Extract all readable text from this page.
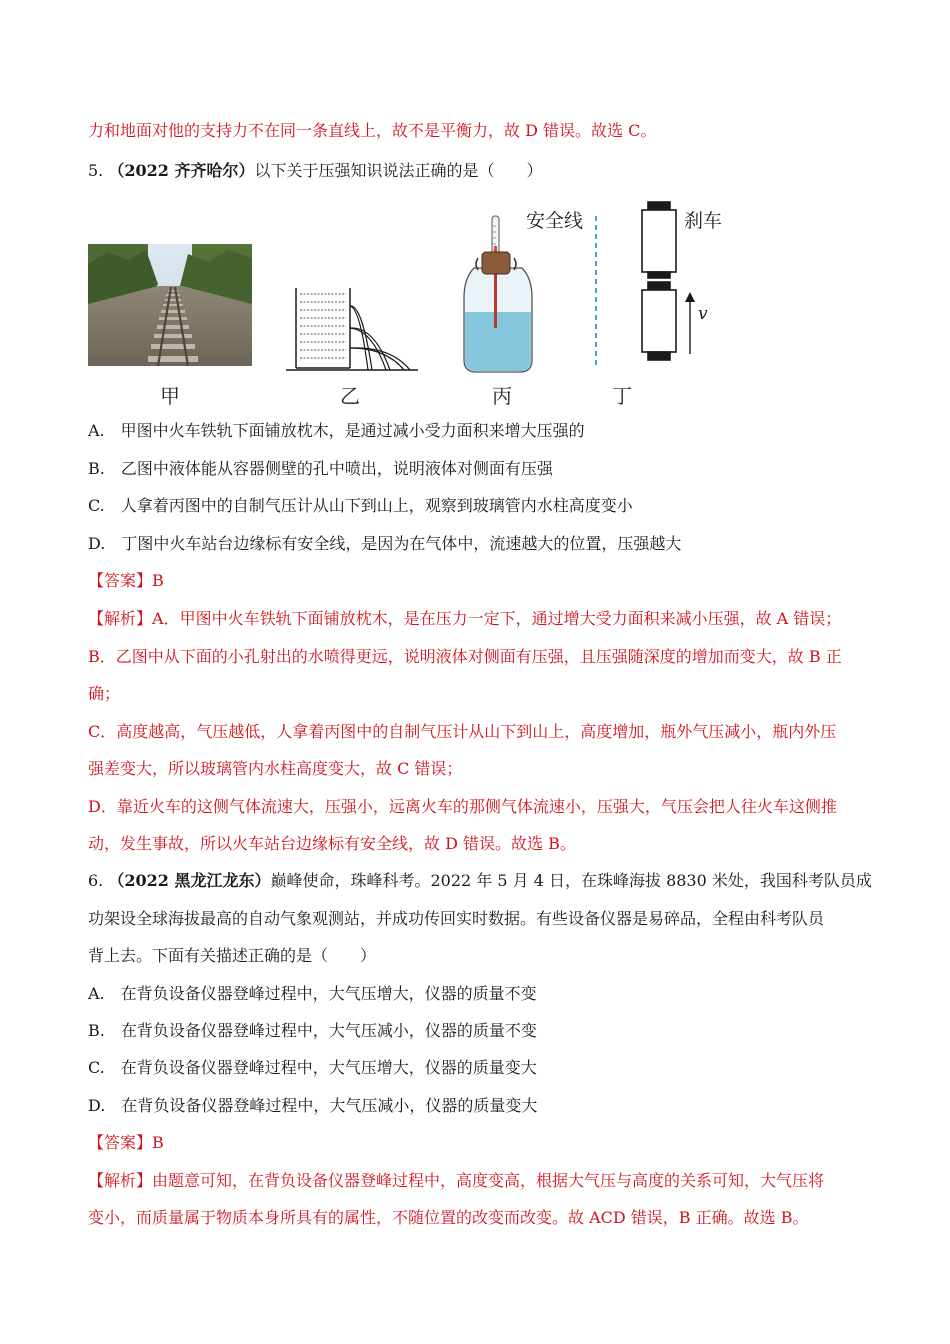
力和地面对他的支持力不在同一条直线上，故不是平衡力，故 D 错误。故选 C。
5. （2022 齐齐哈尔）以下关于压强知识说法正确的是（　　）
甲	乙	丙
安全线	刹车
v
丁
A.　甲图中火车铁轨下面铺放枕木，是通过减小受力面积来增大压强的
B.　乙图中液体能从容器侧壁的孔中喷出，说明液体对侧面有压强
C.　人拿着丙图中的自制气压计从山下到山上，观察到玻璃管内水柱高度变小
D.　丁图中火车站台边缘标有安全线，是因为在气体中，流速越大的位置，压强越大
【答案】B
【解析】A．甲图中火车铁轨下面铺放枕木，是在压力一定下，通过增大受力面积来减小压强，故 A 错误；
B．乙图中从下面的小孔射出的水喷得更远，说明液体对侧面有压强，且压强随深度的增加而变大，故 B 正
确；
C．高度越高，气压越低，人拿着丙图中的自制气压计从山下到山上，高度增加，瓶外气压减小，瓶内外压
强差变大，所以玻璃管内水柱高度变大，故 C 错误；
D．靠近火车的这侧气体流速大，压强小，远离火车的那侧气体流速小，压强大，气压会把人往火车这侧推
动，发生事故，所以火车站台边缘标有安全线，故 D 错误。故选 B。
6. （2022 黑龙江龙东）巅峰使命，珠峰科考。2022 年 5 月 4 日，在珠峰海拔 8830 米处，我国科考队员成
功架设全球海拔最高的自动气象观测站，并成功传回实时数据。有些设备仪器是易碎品，全程由科考队员
背上去。下面有关描述正确的是（　　）
A.　在背负设备仪器登峰过程中，大气压增大，仪器的质量不变
B.　在背负设备仪器登峰过程中，大气压减小，仪器的质量不变
C.　在背负设备仪器登峰过程中，大气压增大，仪器的质量变大
D.　在背负设备仪器登峰过程中，大气压减小，仪器的质量变大
【答案】B
【解析】由题意可知，在背负设备仪器登峰过程中，高度变高，根据大气压与高度的关系可知，大气压将
变小，而质量属于物质本身所具有的属性，不随位置的改变而改变。故 ACD 错误，B 正确。故选 B。
